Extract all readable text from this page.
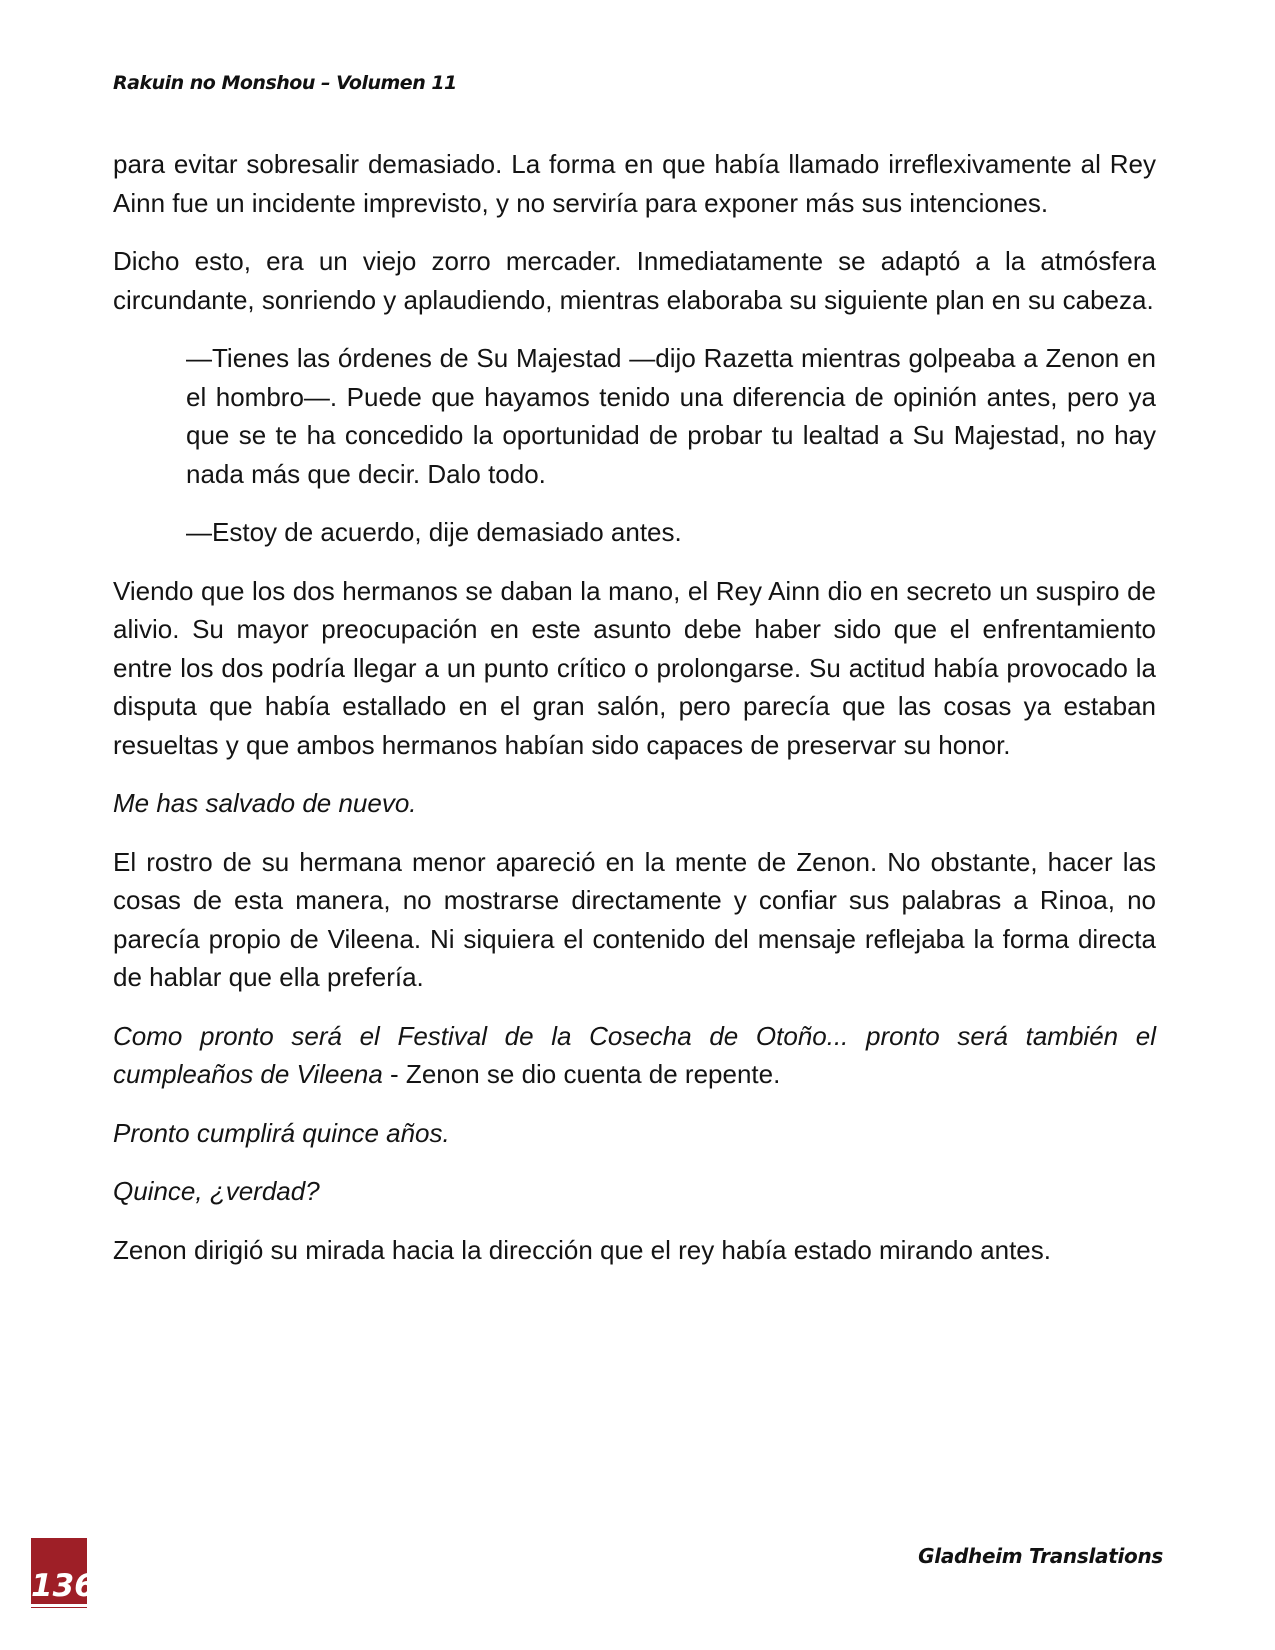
Rakuin no Monshou – Volumen 11

para evitar sobresalir demasiado. La forma en que había llamado irreflexivamente al Rey Ainn fue un incidente imprevisto, y no serviría para exponer más sus intenciones.

Dicho esto, era un viejo zorro mercader. Inmediatamente se adaptó a la atmósfera circundante, sonriendo y aplaudiendo, mientras elaboraba su siguiente plan en su cabeza.

—Tienes las órdenes de Su Majestad —dijo Razetta mientras golpeaba a Zenon en el hombro—. Puede que hayamos tenido una diferencia de opinión antes, pero ya que se te ha concedido la oportunidad de probar tu lealtad a Su Majestad, no hay nada más que decir. Dalo todo.

—Estoy de acuerdo, dije demasiado antes.

Viendo que los dos hermanos se daban la mano, el Rey Ainn dio en secreto un suspiro de alivio. Su mayor preocupación en este asunto debe haber sido que el enfrentamiento entre los dos podría llegar a un punto crítico o prolongarse. Su actitud había provocado la disputa que había estallado en el gran salón, pero parecía que las cosas ya estaban resueltas y que ambos hermanos habían sido capaces de preservar su honor.

Me has salvado de nuevo.

El rostro de su hermana menor apareció en la mente de Zenon. No obstante, hacer las cosas de esta manera, no mostrarse directamente y confiar sus palabras a Rinoa, no parecía propio de Vileena. Ni siquiera el contenido del mensaje reflejaba la forma directa de hablar que ella prefería.

Como pronto será el Festival de la Cosecha de Otoño... pronto será también el cumpleaños de Vileena - Zenon se dio cuenta de repente.

Pronto cumplirá quince años.

Quince, ¿verdad?

Zenon dirigió su mirada hacia la dirección que el rey había estado mirando antes.

136
Gladheim Translations
